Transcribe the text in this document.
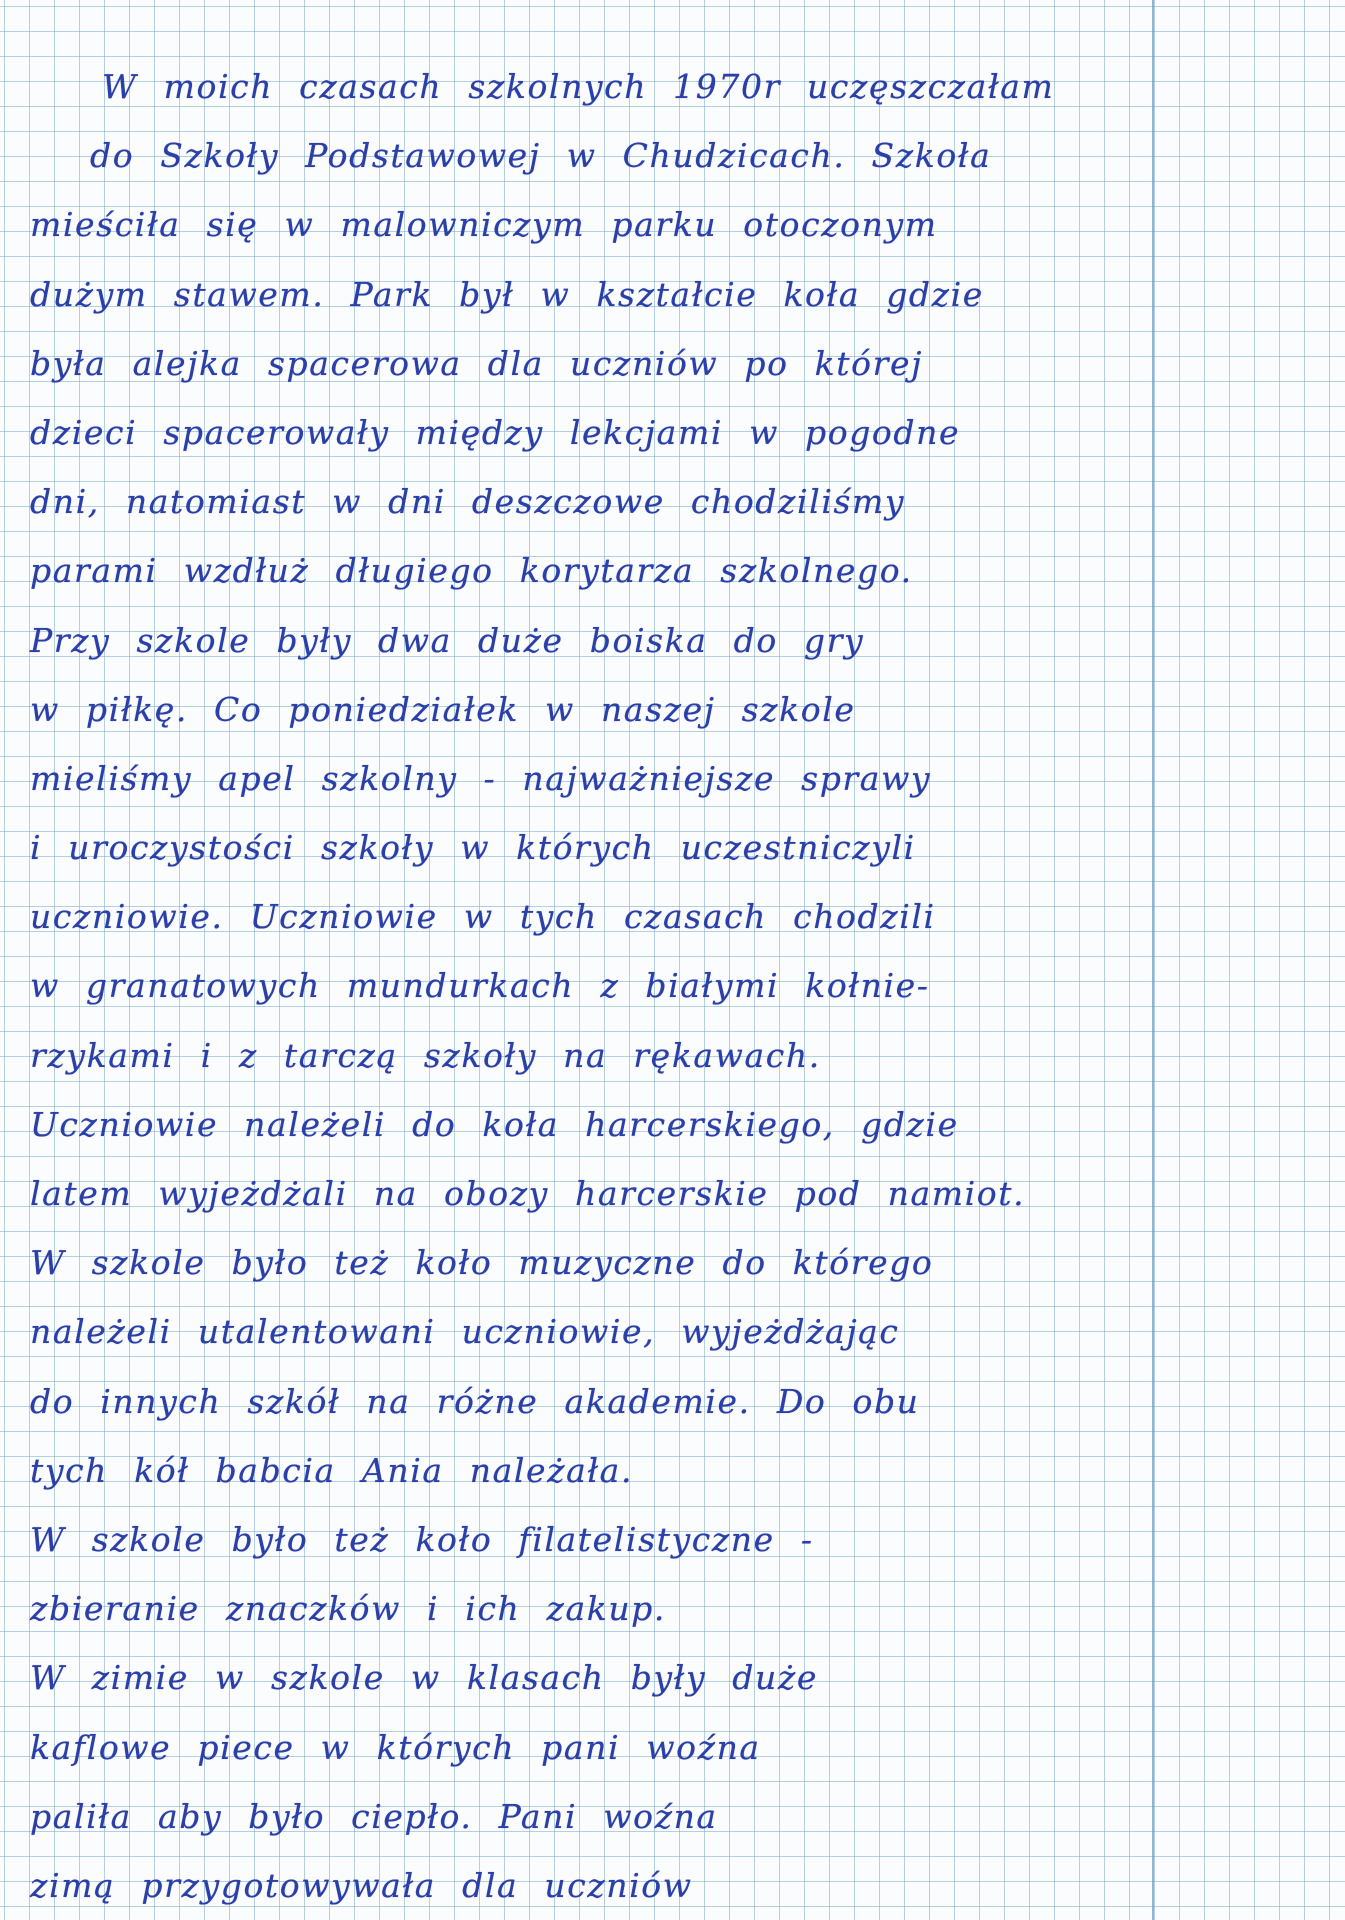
W moich czasach szkolnych 1970r uczęszczałam
do Szkoły Podstawowej w Chudzicach. Szkoła
mieściła się w malowniczym parku otoczonym
dużym stawem. Park był w kształcie koła gdzie
była alejka spacerowa dla uczniów po której
dzieci spacerowały między lekcjami w pogodne
dni, natomiast w dni deszczowe chodziliśmy
parami wzdłuż długiego korytarza szkolnego.
Przy szkole były dwa duże boiska do gry
w piłkę. Co poniedziałek w naszej szkole
mieliśmy apel szkolny - najważniejsze sprawy
i uroczystości szkoły w których uczestniczyli
uczniowie. Uczniowie w tych czasach chodzili
w granatowych mundurkach z białymi kołnie-
rzykami i z tarczą szkoły na rękawach.
Uczniowie należeli do koła harcerskiego, gdzie
latem wyjeżdżali na obozy harcerskie pod namiot.
W szkole było też koło muzyczne do którego
należeli utalentowani uczniowie, wyjeżdżając
do innych szkół na różne akademie. Do obu
tych kół babcia Ania należała.
W szkole było też koło filatelistyczne -
zbieranie znaczków i ich zakup.
W zimie w szkole w klasach były duże
kaflowe piece w których pani woźna
paliła aby było ciepło. Pani woźna
zimą przygotowywała dla uczniów
